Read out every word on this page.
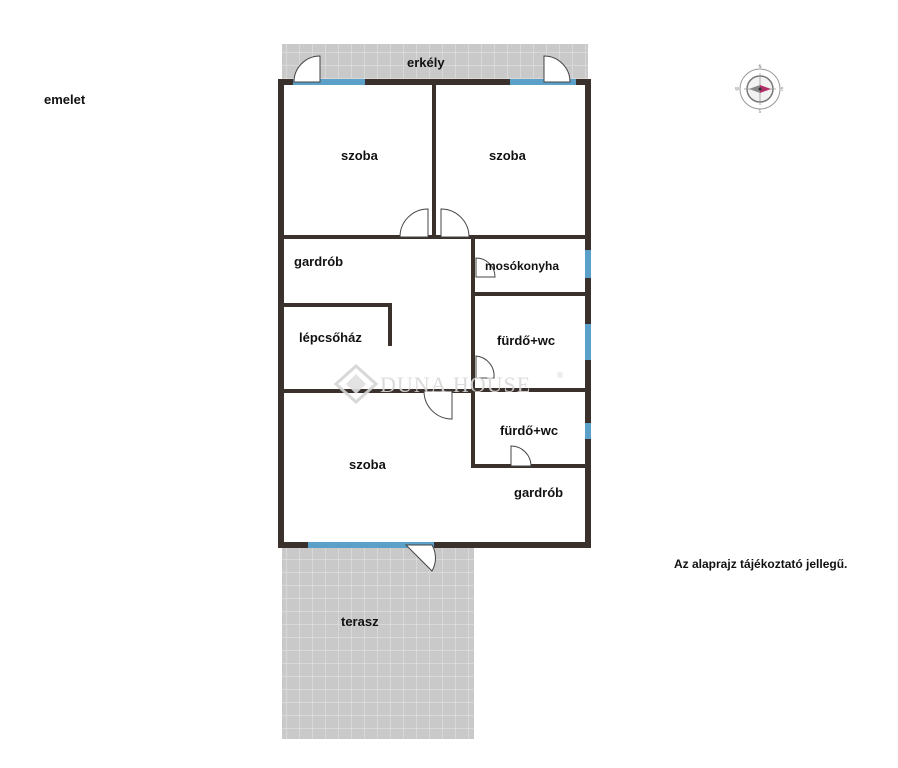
DUNA HOUSE	®
erkély
szoba	szoba
gardrób	mosókonyha
lépcsőház	fürdő+wc
fürdő+wc
szoba
gardrób
terasz
emelet
Az alaprajz tájékoztató jellegű.
N
S
E
W
